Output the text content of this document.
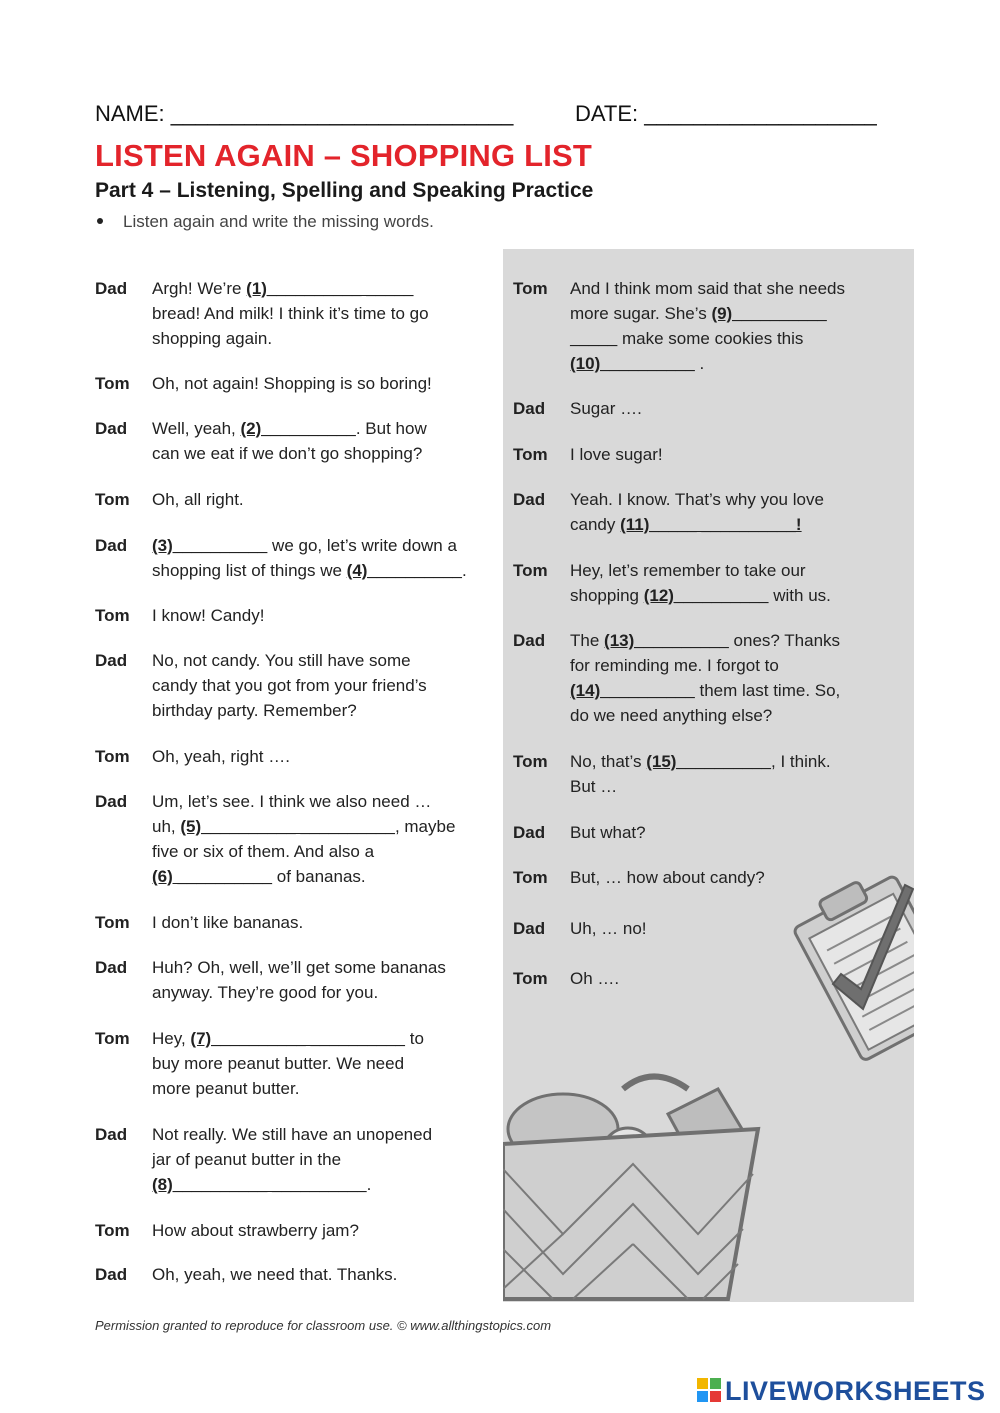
NAME: ____________________________	DATE: ___________________
LISTEN AGAIN – SHOPPING LIST
Part 4 – Listening, Spelling and Speaking Practice
Listen again and write the missing words.
Dad Argh! We’re (1)__________ _____
bread! And milk! I think it’s time to go
shopping again.
Tom Oh, not again! Shopping is so boring!
Dad Well, yeah, (2)__________. But how
can we eat if we don’t go shopping?
Tom Oh, all right.
Dad (3)__________ we go, let’s write down a
shopping list of things we (4)__________.
Tom I know! Candy!
Dad No, not candy. You still have some
candy that you got from your friend’s
birthday party. Remember?
Tom Oh, yeah, right ….
Dad Um, let’s see. I think we also need …
uh, (5)__________ __________, maybe
five or six of them. And also a
(6) __________ of bananas.
Tom I don’t like bananas.
Dad Huh? Oh, well, we’ll get some bananas
anyway. They’re good for you.
Tom Hey, (7)__________ __________ to
buy more peanut butter. We need
more peanut butter.
Dad Not really. We still have an unopened
jar of peanut butter in the
(8)__________ __________.
Tom How about strawberry jam?
Dad Oh, yeah, we need that. Thanks.
Tom And I think mom said that she needs
more sugar. She’s (9)__________
_____ make some cookies this
(10)__________ .
Dad Sugar ….
Tom I love sugar!
Dad Yeah. I know. That’s why you love
candy (11)_____ __________!
Tom Hey, let’s remember to take our
shopping (12)__________ with us.
Dad The (13)__________ ones? Thanks
for reminding me. I forgot to
(14)__________ them last time. So,
do we need anything else?
Tom No, that’s (15)__________, I think.
But …
Dad But what?
Tom But, … how about candy?
Dad Uh, … no!
Tom Oh ….
Permission granted to reproduce for classroom use. © www.allthingstopics.com
LIVEWORKSHEETS
